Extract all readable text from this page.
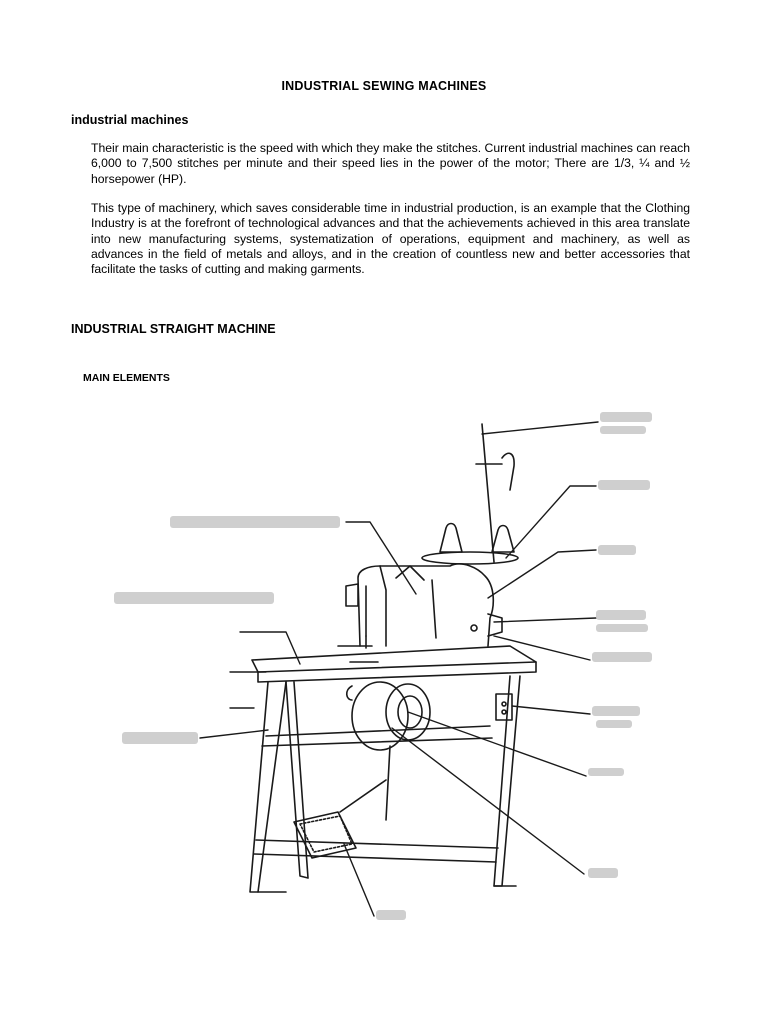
INDUSTRIAL SEWING MACHINES
industrial machines
Their main characteristic is the speed with which they make the stitches. Current industrial machines can reach 6,000 to 7,500 stitches per minute and their speed lies in the power of the motor; There are 1/3, ¼ and ½ horsepower (HP).
This type of machinery, which saves considerable time in industrial production, is an example that the Clothing Industry is at the forefront of technological advances and that the achievements achieved in this area translate into new manufacturing systems, systematization of operations, equipment and machinery, as well as advances in the field of metals and alloys, and in the creation of countless new and better accessories that facilitate the tasks of cutting and making garments.
INDUSTRIAL STRAIGHT MACHINE
MAIN ELEMENTS
